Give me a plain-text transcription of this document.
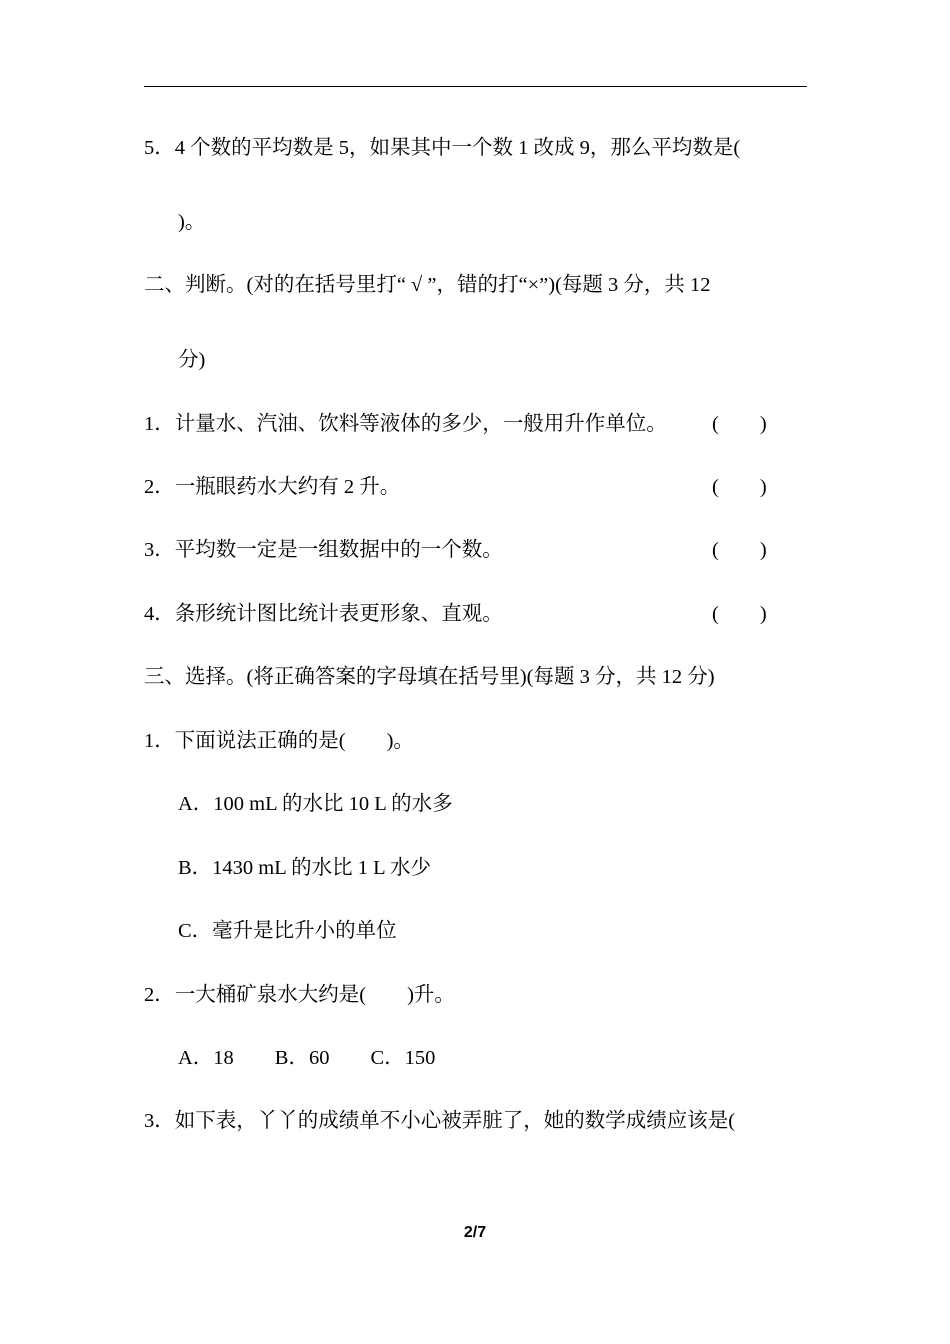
5．4 个数的平均数是 5，如果其中一个数 1 改成 9，那么平均数是(
)。
二、判断。(对的在括号里打“ √ ”，错的打“×”)(每题 3 分，共 12
分)
1．计量水、汽油、饮料等液体的多少，一般用升作单位。 (        )
2．一瓶眼药水大约有 2 升。	(        )
3．平均数一定是一组数据中的一个数。	(        )
4．条形统计图比统计表更形象、直观。	(        )
三、选择。(将正确答案的字母填在括号里)(每题 3 分，共 12 分)
1．下面说法正确的是(　　)。
A．100 mL 的水比 10 L 的水多
B．1430 mL 的水比 1 L 水少
C．毫升是比升小的单位
2．一大桶矿泉水大约是(　　)升。
A．18　　B．60　　C．150
3．如下表，丫丫的成绩单不小心被弄脏了，她的数学成绩应该是(
2/7
